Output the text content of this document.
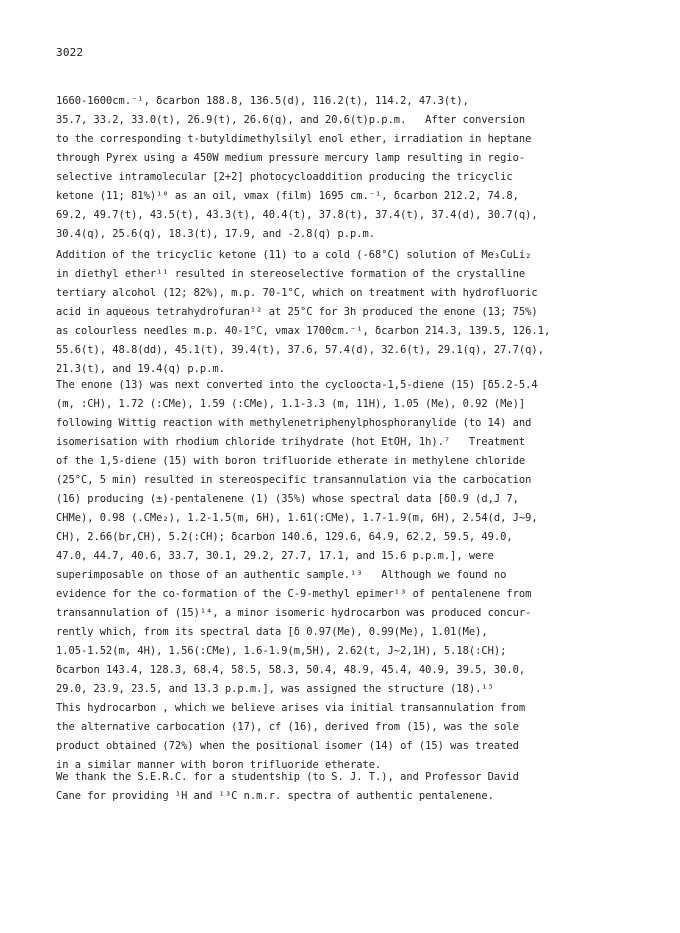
3022
1660-1600cm.⁻¹, δcarbon 188.8, 136.5(d), 116.2(t), 114.2, 47.3(t),
35.7, 33.2, 33.0(t), 26.9(t), 26.6(q), and 20.6(t)p.p.m.   After conversion
to the corresponding t-butyldimethylsilyl enol ether, irradiation in heptane
through Pyrex using a 450W medium pressure mercury lamp resulting in regio-
selective intramolecular [2+2] photocycloaddition producing the tricyclic
ketone (11; 81%)¹⁰ as an oil, νmax (film) 1695 cm.⁻¹, δcarbon 212.2, 74.8,
69.2, 49.7(t), 43.5(t), 43.3(t), 40.4(t), 37.8(t), 37.4(t), 37.4(d), 30.7(q),
30.4(q), 25.6(q), 18.3(t), 17.9, and -2.8(q) p.p.m.
Addition of the tricyclic ketone (11) to a cold (-68°C) solution of Me₃CuLi₂
in diethyl ether¹¹ resulted in stereoselective formation of the crystalline
tertiary alcohol (12; 82%), m.p. 70-1°C, which on treatment with hydrofluoric
acid in aqueous tetrahydrofuran¹² at 25°C for 3h produced the enone (13; 75%)
as colourless needles m.p. 40-1°C, νmax 1700cm.⁻¹, δcarbon 214.3, 139.5, 126.1,
55.6(t), 48.8(dd), 45.1(t), 39.4(t), 37.6, 57.4(d), 32.6(t), 29.1(q), 27.7(q),
21.3(t), and 19.4(q) p.p.m.
The enone (13) was next converted into the cycloocta-1,5-diene (15) [δ5.2-5.4
(m, :CH), 1.72 (:CMe), 1.59 (:CMe), 1.1-3.3 (m, 11H), 1.05 (Me), 0.92 (Me)]
following Wittig reaction with methylenetriphenylphosphoranylide (to 14) and
isomerisation with rhodium chloride trihydrate (hot EtOH, 1h).⁷   Treatment
of the 1,5-diene (15) with boron trifluoride etherate in methylene chloride
(25°C, 5 min) resulted in stereospecific transannulation via the carbocation
(16) producing (±)-pentalenene (1) (35%) whose spectral data [δ0.9 (d,J 7,
CHMe), 0.98 (.CMe₂), 1.2-1.5(m, 6H), 1.61(:CMe), 1.7-1.9(m, 6H), 2.54(d, J~9,
CH), 2.66(br,CH), 5.2(:CH); δcarbon 140.6, 129.6, 64.9, 62.2, 59.5, 49.0,
47.0, 44.7, 40.6, 33.7, 30.1, 29.2, 27.7, 17.1, and 15.6 p.p.m.], were
superimposable on those of an authentic sample.¹³   Although we found no
evidence for the co-formation of the C-9-methyl epimer¹³ of pentalenene from
transannulation of (15)¹⁴, a minor isomeric hydrocarbon was produced concur-
rently which, from its spectral data [δ 0.97(Me), 0.99(Me), 1.01(Me),
1.05-1.52(m, 4H), 1.56(:CMe), 1.6-1.9(m,5H), 2.62(t, J~2,1H), 5.18(:CH);
δcarbon 143.4, 128.3, 68.4, 58.5, 58.3, 50.4, 48.9, 45.4, 40.9, 39.5, 30.0,
29.0, 23.9, 23.5, and 13.3 p.p.m.], was assigned the structure (18).¹⁵
This hydrocarbon , which we believe arises via initial transannulation from
the alternative carbocation (17), cf (16), derived from (15), was the sole
product obtained (72%) when the positional isomer (14) of (15) was treated
in a similar manner with boron trifluoride etherate.
We thank the S.E.R.C. for a studentship (to S. J. T.), and Professor David
Cane for providing ¹H and ¹³C n.m.r. spectra of authentic pentalenene.
